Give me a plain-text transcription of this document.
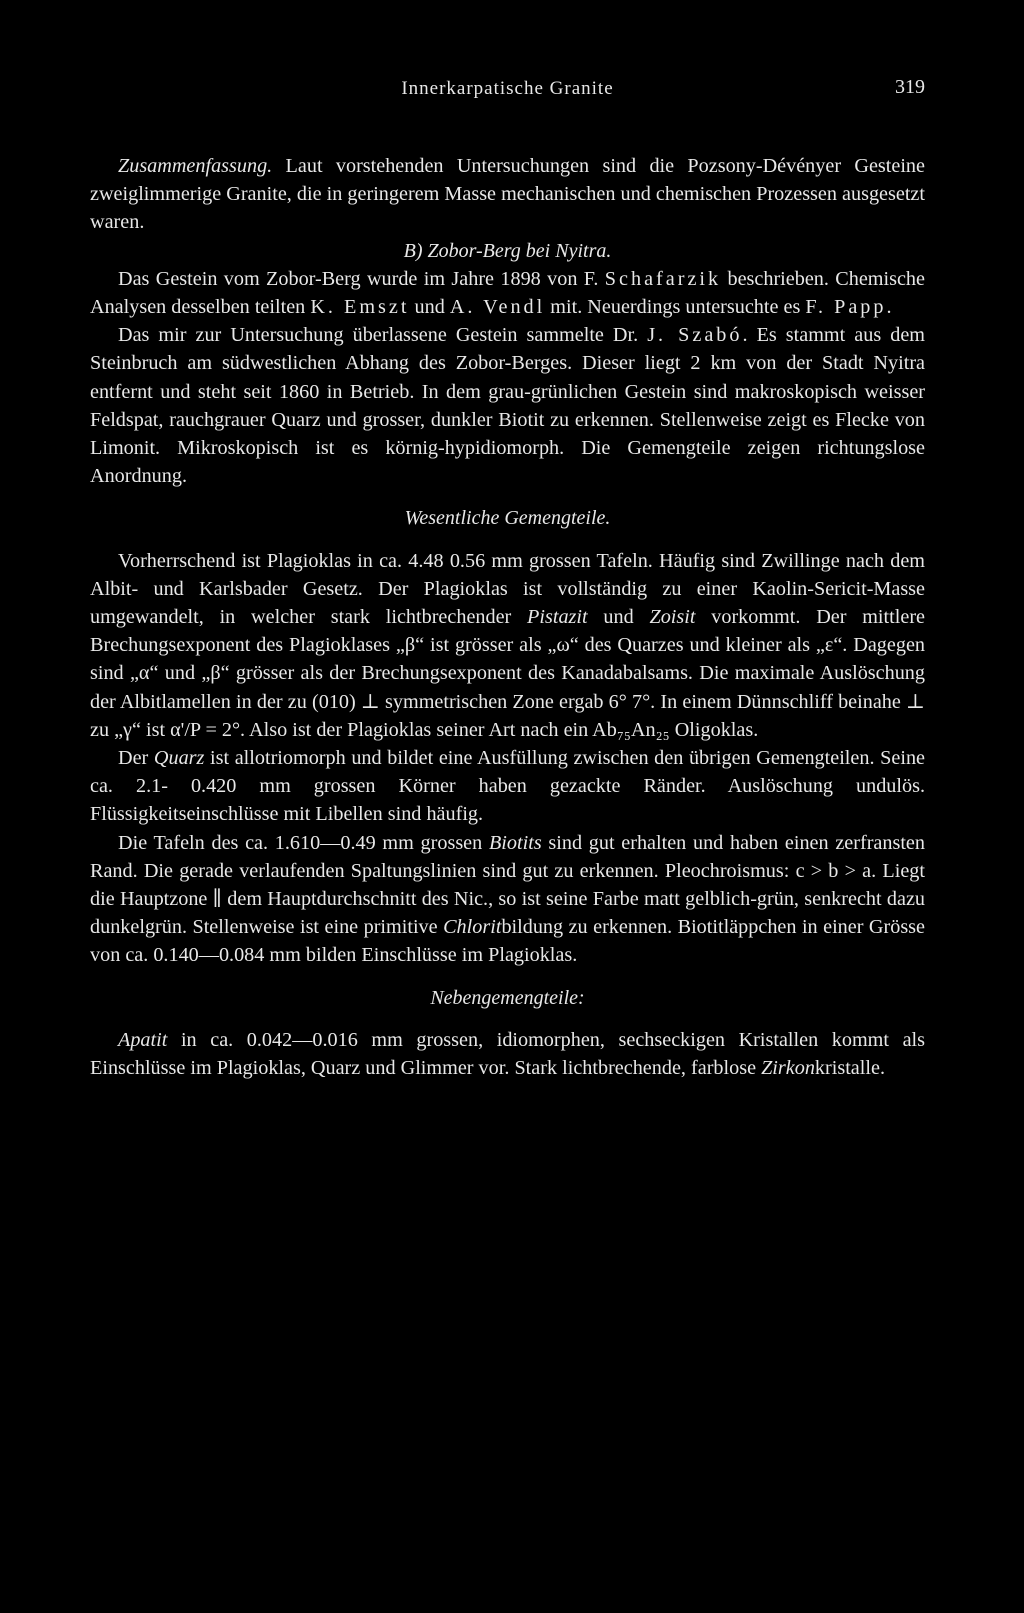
Innerkarpatische Granite	319

Zusammenfassung. Laut vorstehenden Untersuchungen sind die Pozsony-Dévényer Gesteine zweiglimmerige Granite, die in geringerem Masse mechanischen und chemischen Prozessen ausgesetzt waren.

B) Zobor-Berg bei Nyitra.

Das Gestein vom Zobor-Berg wurde im Jahre 1898 von F. Schafarzik beschrieben. Chemische Analysen desselben teilten K. Emszt und A. Vendl mit. Neuerdings untersuchte es F. Papp.

Das mir zur Untersuchung überlassene Gestein sammelte Dr. J. Szabó. Es stammt aus dem Steinbruch am südwestlichen Abhang des Zobor-Berges. Dieser liegt 2 km von der Stadt Nyitra entfernt und steht seit 1860 in Betrieb. In dem grau-grünlichen Gestein sind makroskopisch weisser Feldspat, rauchgrauer Quarz und grosser, dunkler Biotit zu erkennen. Stellenweise zeigt es Flecke von Limonit. Mikroskopisch ist es körnig-hypidiomorph. Die Gemengteile zeigen richtungslose Anordnung.

Wesentliche Gemengteile.

Vorherrschend ist Plagioklas in ca. 4.48 0.56 mm grossen Tafeln. Häufig sind Zwillinge nach dem Albit- und Karlsbader Gesetz. Der Plagioklas ist vollständig zu einer Kaolin-Sericit-Masse umgewandelt, in welcher stark lichtbrechender Pistazit und Zoisit vorkommt. Der mittlere Brechungsexponent des Plagioklases „β“ ist grösser als „ω“ des Quarzes und kleiner als „ε“. Dagegen sind „α“ und „β“ grösser als der Brechungsexponent des Kanadabalsams. Die maximale Auslöschung der Albitlamellen in der zu (010) ⊥ symmetrischen Zone ergab 6° 7°. In einem Dünnschliff beinahe ⊥ zu „γ“ ist α'/P = 2°. Also ist der Plagioklas seiner Art nach ein Ab₇₅An₂₅ Oligoklas.

Der Quarz ist allotriomorph und bildet eine Ausfüllung zwischen den übrigen Gemengteilen. Seine ca. 2.1- 0.420 mm grossen Körner haben gezackte Ränder. Auslöschung undulös. Flüssigkeitseinschlüsse mit Libellen sind häufig.

Die Tafeln des ca. 1.610—0.49 mm grossen Biotits sind gut erhalten und haben einen zerfransten Rand. Die gerade verlaufenden Spaltungslinien sind gut zu erkennen. Pleochroismus: c > b > a. Liegt die Hauptzone ∥ dem Hauptdurchschnitt des Nic., so ist seine Farbe matt gelblich-grün, senkrecht dazu dunkelgrün. Stellenweise ist eine primitive Chloritbildung zu erkennen. Biotitläppchen in einer Grösse von ca. 0.140—0.084 mm bilden Einschlüsse im Plagioklas.

Nebengemengteile:

Apatit in ca. 0.042—0.016 mm grossen, idiomorphen, sechseckigen Kristallen kommt als Einschlüsse im Plagioklas, Quarz und Glimmer vor. Stark lichtbrechende, farblose Zirkonkristalle.
